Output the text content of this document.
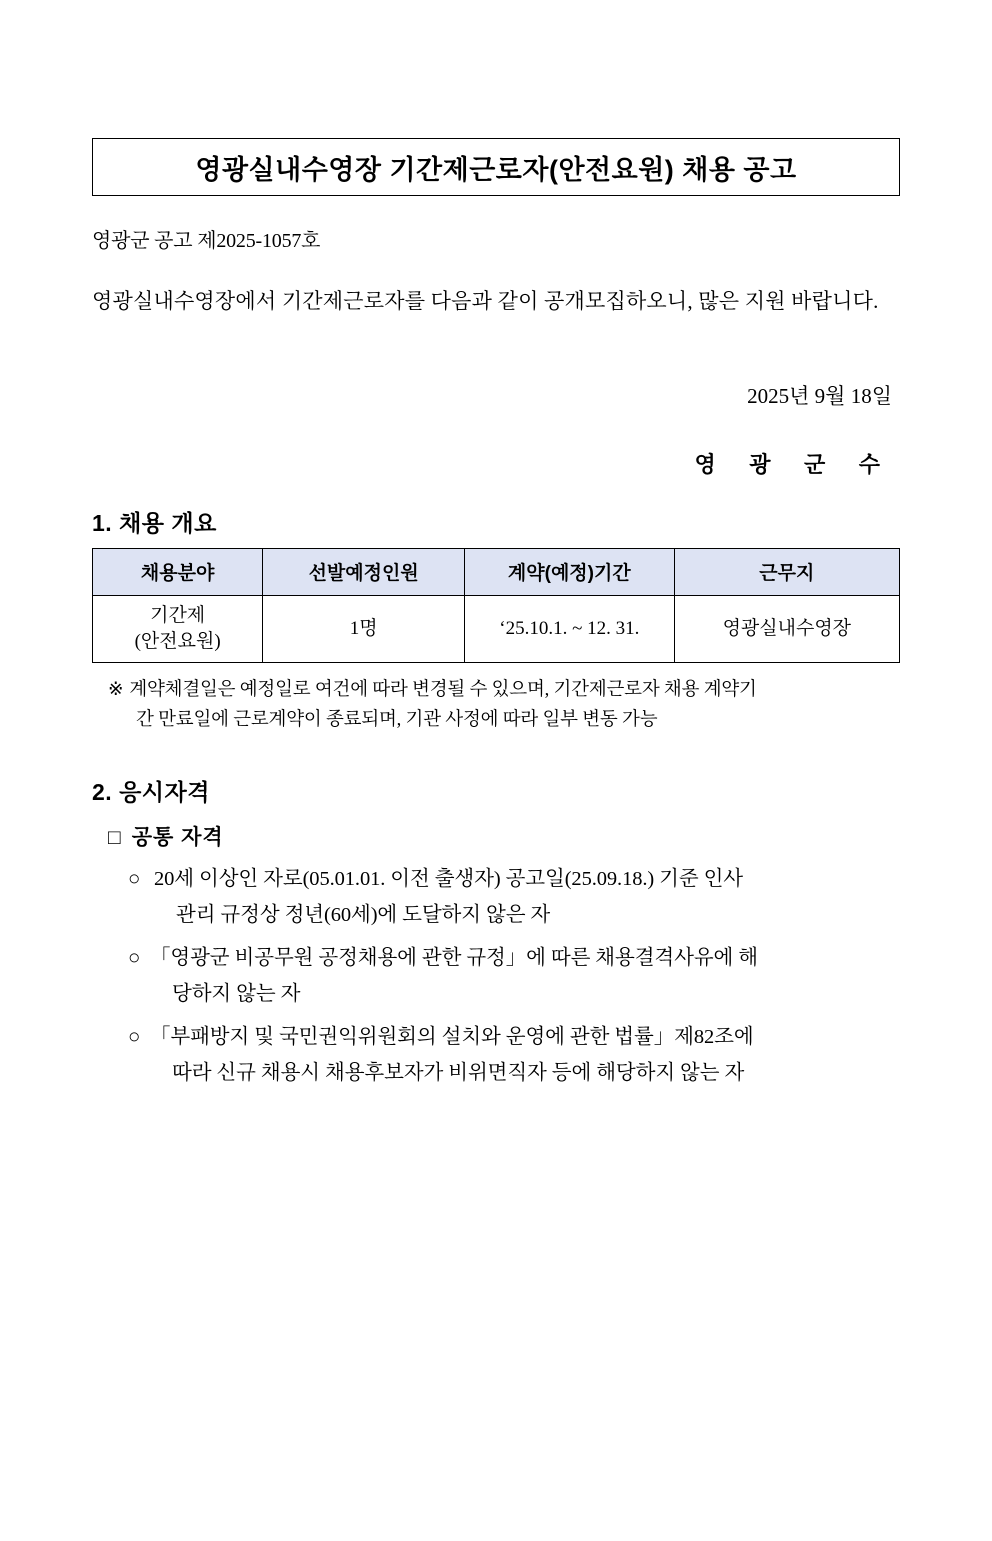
영광실내수영장 기간제근로자(안전요원) 채용 공고
영광군 공고 제2025-1057호
영광실내수영장에서 기간제근로자를 다음과 같이 공개모집하오니, 많은 지원 바랍니다.
2025년 9월 18일
영 광 군 수
1. 채용 개요
채용분야	선발예정인원	계약(예정)기간	근무지

기간제
(안전요원)	1명	‘25.10.1. ~ 12. 31.	영광실내수영장
※ 계약체결일은 예정일로 여건에 따라 변경될 수 있으며, 기간제근로자 채용 계약기
간 만료일에 근로계약이 종료되며, 기관 사정에 따라 일부 변동 가능
2. 응시자격
□ 공통 자격
○ 20세 이상인 자로(05.01.01. 이전 출생자) 공고일(25.09.18.) 기준 인사
관리 규정상 정년(60세)에 도달하지 않은 자
○ 「영광군 비공무원 공정채용에 관한 규정」에 따른 채용결격사유에 해
당하지 않는 자
○ 「부패방지 및 국민권익위원회의 설치와 운영에 관한 법률」제82조에
따라 신규 채용시 채용후보자가 비위면직자 등에 해당하지 않는 자
